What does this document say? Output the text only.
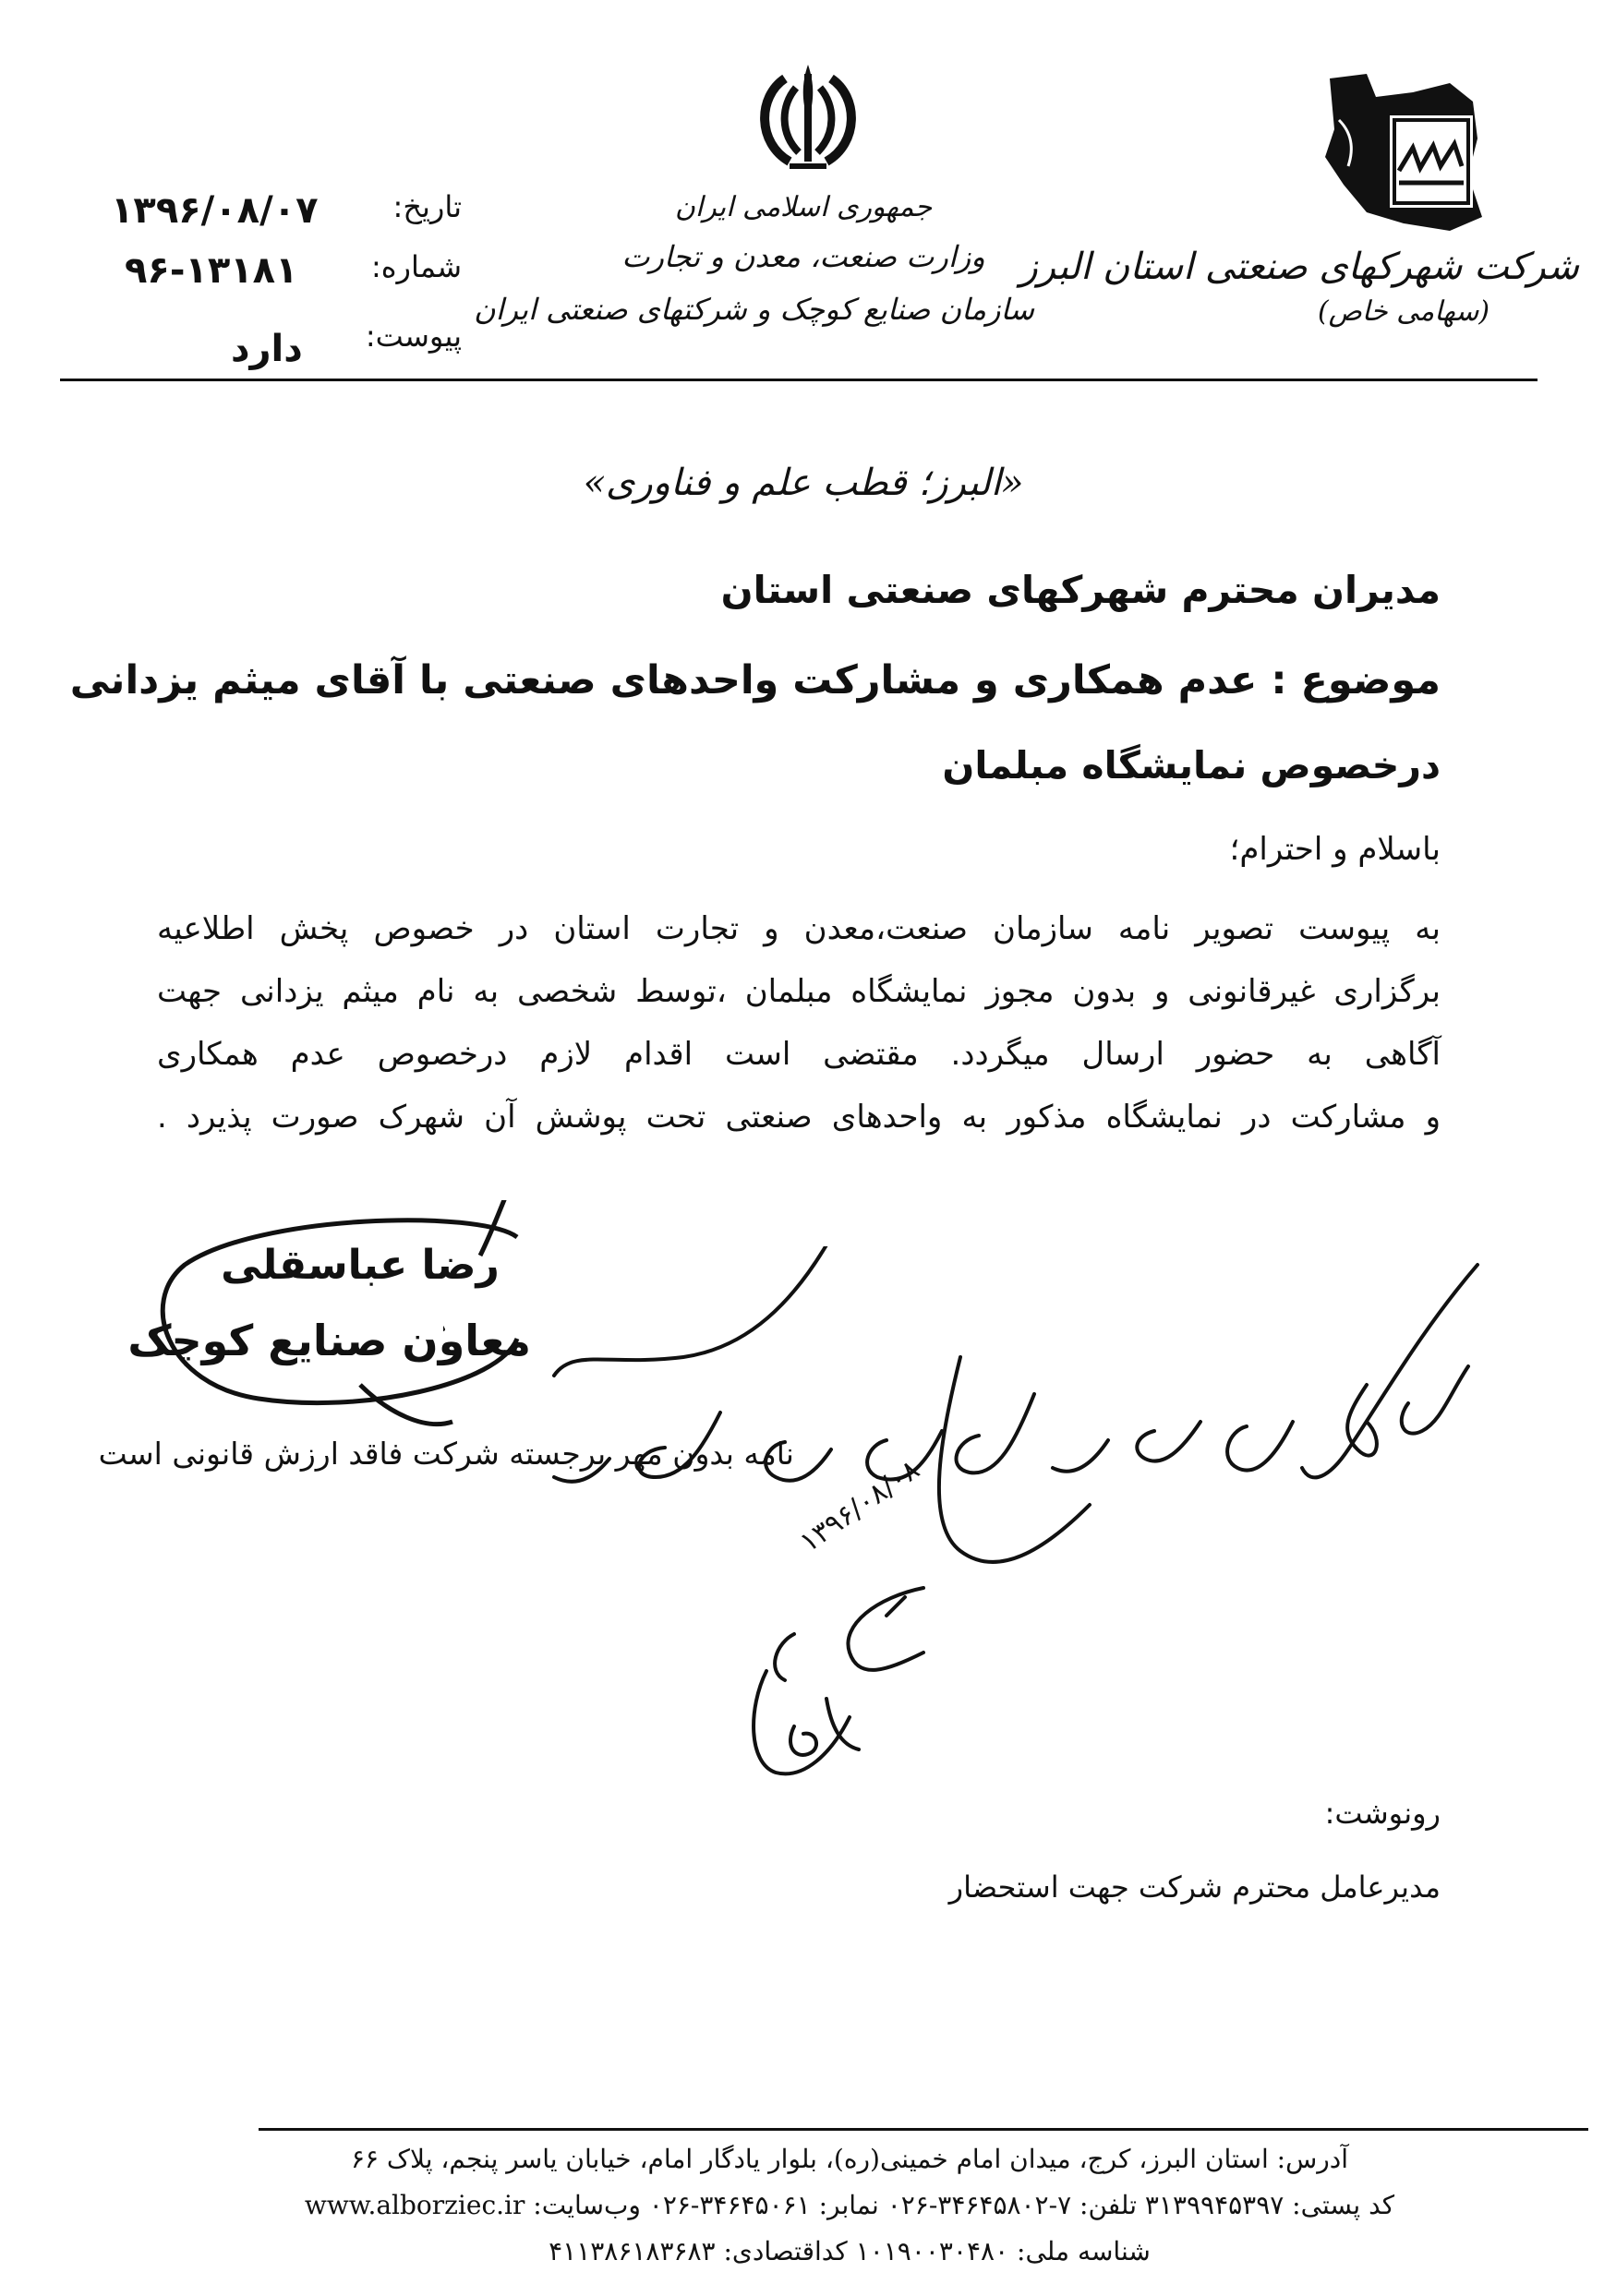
شرکت شهرکهای صنعتی استان البرز
(سهامی خاص)
جمهوری اسلامی ایران
وزارت صنعت، معدن و تجارت
سازمان صنایع کوچک و شرکتهای صنعتی ایران
تاریخ:
۱۳۹۶/۰۸/۰۷
شماره:
۹۶-۱۳۱۸۱
پیوست:
دارد
«البرز؛ قطب علم و فناوری»
مدیران محترم شهرکهای صنعتی استان
موضوع : عدم همکاری و مشارکت واحدهای صنعتی با آقای میثم یزدانی
درخصوص نمایشگاه مبلمان
باسلام و احترام؛
به پیوست تصویر نامه سازمان صنعت،معدن و تجارت استان در خصوص پخش اطلاعیه
برگزاری غیرقانونی و بدون مجوز نمایشگاه مبلمان ،توسط شخصی به نام میثم یزدانی جهت
آگاهی به حضور ارسال میگردد. مقتضی است اقدام لازم درخصوص عدم همکاری
و مشارکت در نمایشگاه مذکور به واحدهای صنعتی تحت پوشش آن شهرک صورت پذیرد .
رضا عباسقلی
معاون صنایع کوچک
نامه بدون مهر برجسته شرکت فاقد ارزش قانونی است ۱۳۹۶/۰۸/۰۸
رونوشت:
مدیرعامل محترم شرکت جهت استحضار
آدرس: استان البرز، کرج، میدان امام خمینی(ره)، بلوار یادگار امام، خیابان یاسر پنجم، پلاک ۶۶
کد پستی: ۳۱۳۹۹۴۵۳۹۷ تلفن: ۷-۳۴۶۴۵۸۰۲-۰۲۶ نمابر: ۳۴۶۴۵۰۶۱-۰۲۶ وب‌سایت: www.alborziec.ir
شناسه ملی: ۱۰۱۹۰۰۳۰۴۸۰ کداقتصادی: ۴۱۱۳۸۶۱۸۳۶۸۳
